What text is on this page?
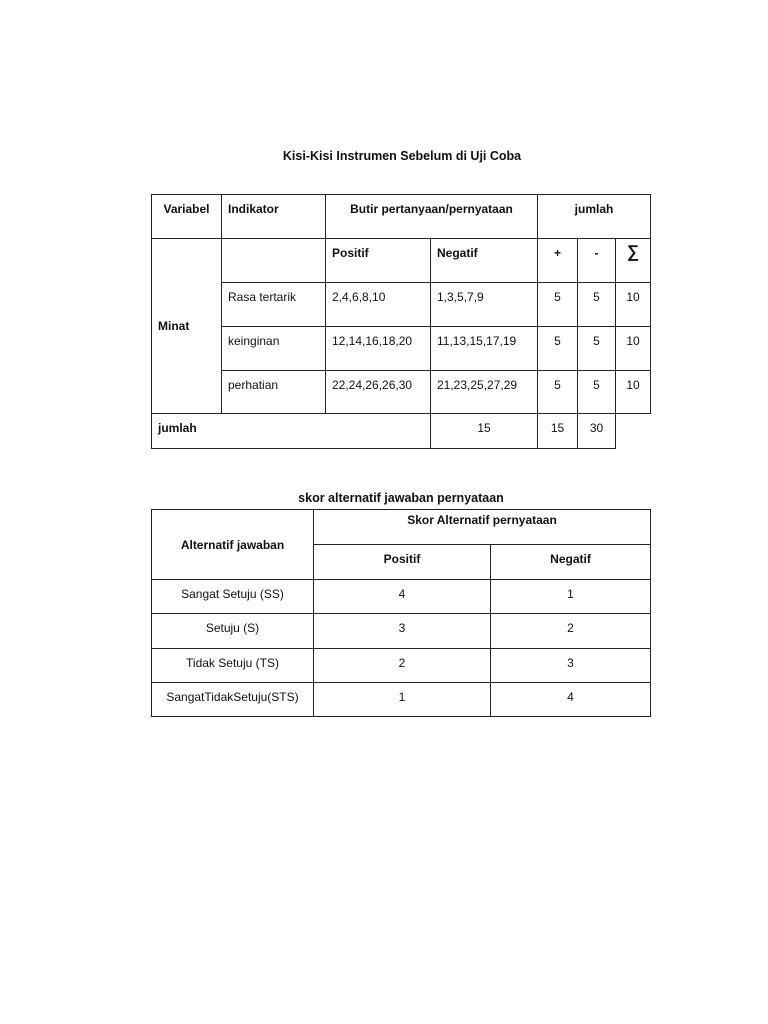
Kisi-Kisi Instrumen Sebelum di Uji Coba
Variabel	Indikator	Butir pertanyaan/pernyataan		jumlah		
Minat		Positif	Negatif	+	-	∑
	Rasa tertarik	2,4,6,8,10	1,3,5,7,9	5	5	10
	keinginan	12,14,16,18,20	11,13,15,17,19	5	5	10
	perhatian	22,24,26,26,30	21,23,25,27,29	5	5	10
jumlah			15	15	30	
skor alternatif jawaban pernyataan
Alternatif jawaban	Skor Alternatif pernyataan	
	Positif	Negatif
Sangat Setuju (SS)	4	1
Setuju (S)	3	2
Tidak Setuju (TS)	2	3
SangatTidakSetuju(STS)	1	4
